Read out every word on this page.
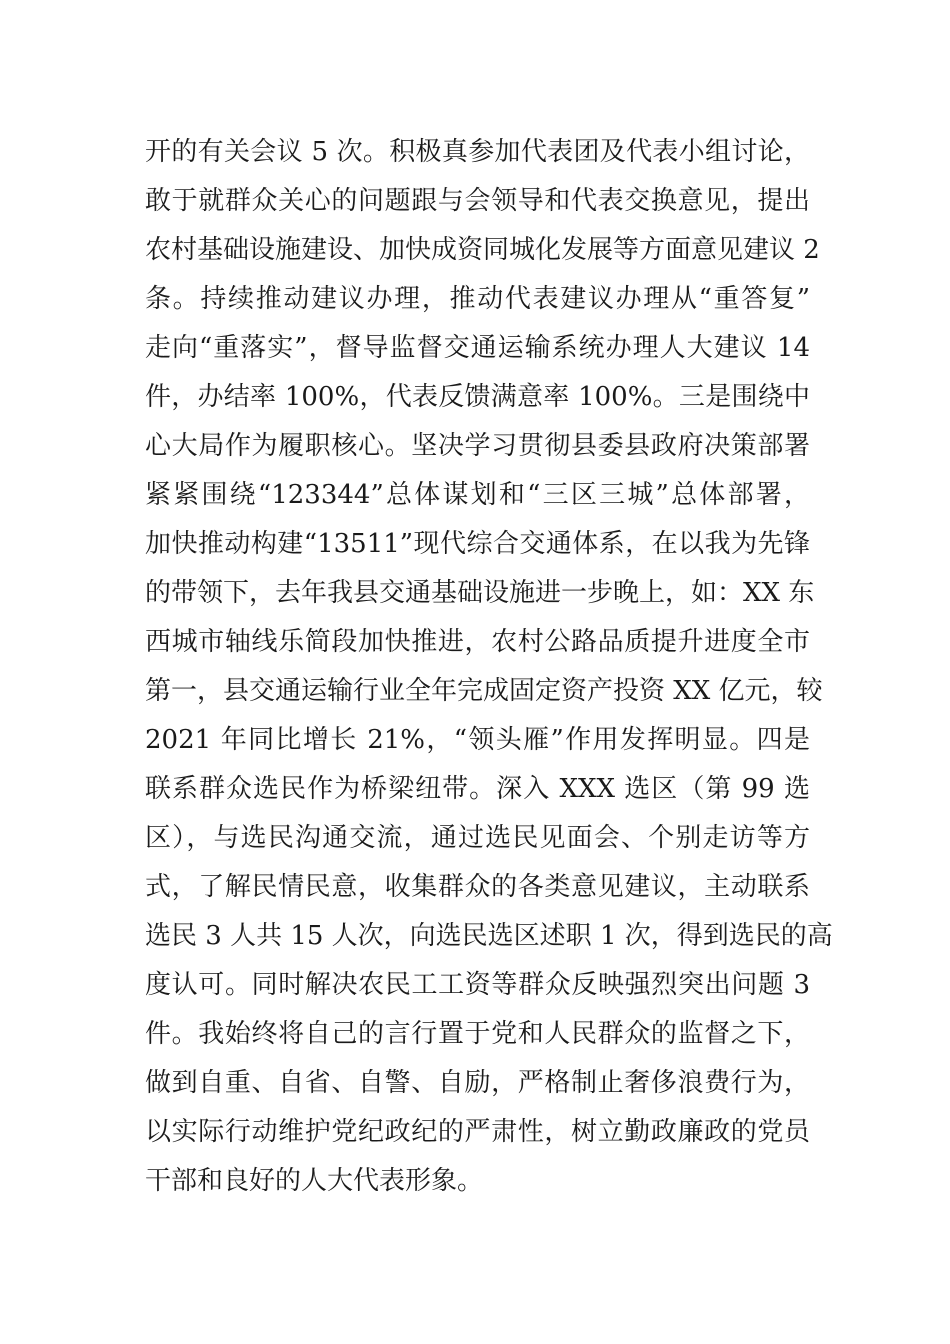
开的有关会议 5 次。积极真参加代表团及代表小组讨论，
敢于就群众关心的问题跟与会领导和代表交换意见，提出
农村基础设施建设、加快成资同城化发展等方面意见建议 2
条。持续推动建议办理，推动代表建议办理从“重答复”
走向“重落实”，督导监督交通运输系统办理人大建议 14
件，办结率 100%，代表反馈满意率 100%。三是围绕中
心大局作为履职核心。坚决学习贯彻县委县政府决策部署
紧紧围绕“123344”总体谋划和“三区三城”总体部署，
加快推动构建“13511”现代综合交通体系，在以我为先锋
的带领下，去年我县交通基础设施进一步晚上，如：XX 东
西城市轴线乐简段加快推进，农村公路品质提升进度全市
第一，县交通运输行业全年完成固定资产投资 XX 亿元，较
2021 年同比增长 21%，“领头雁”作用发挥明显。四是
联系群众选民作为桥梁纽带。深入 XXX 选区（第 99 选
区），与选民沟通交流，通过选民见面会、个别走访等方
式，了解民情民意，收集群众的各类意见建议，主动联系
选民 3 人共 15 人次，向选民选区述职 1 次，得到选民的高
度认可。同时解决农民工工资等群众反映强烈突出问题 3
件。我始终将自己的言行置于党和人民群众的监督之下，
做到自重、自省、自警、自励，严格制止奢侈浪费行为，
以实际行动维护党纪政纪的严肃性，树立勤政廉政的党员
干部和良好的人大代表形象。
